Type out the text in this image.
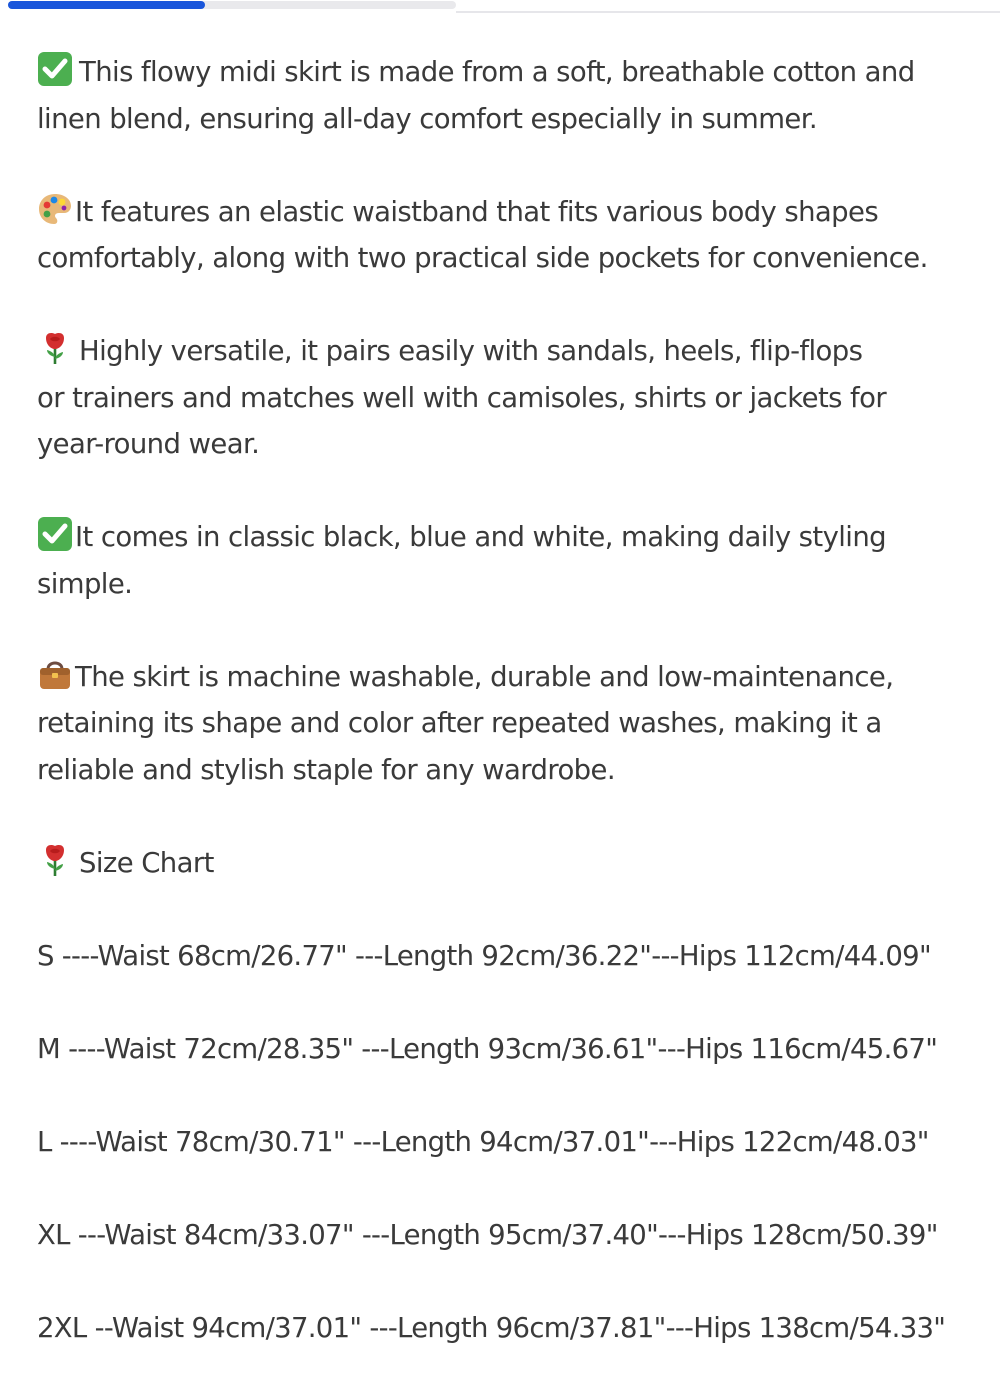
This flowy midi skirt is made from a soft, breathable cotton and
linen blend, ensuring all-day comfort especially in summer.
It features an elastic waistband that fits various body shapes
comfortably, along with two practical side pockets for convenience.
Highly versatile, it pairs easily with sandals, heels, flip-flops
or trainers and matches well with camisoles, shirts or jackets for
year-round wear.
It comes in classic black, blue and white, making daily styling
simple.
The skirt is machine washable, durable and low-maintenance,
retaining its shape and color after repeated washes, making it a
reliable and stylish staple for any wardrobe.
Size Chart
S ----Waist 68cm/26.77" ---Length 92cm/36.22"---Hips 112cm/44.09"
M ----Waist 72cm/28.35" ---Length 93cm/36.61"---Hips 116cm/45.67"
L ----Waist 78cm/30.71" ---Length 94cm/37.01"---Hips 122cm/48.03"
XL ---Waist 84cm/33.07" ---Length 95cm/37.40"---Hips 128cm/50.39"
2XL --Waist 94cm/37.01" ---Length 96cm/37.81"---Hips 138cm/54.33"
